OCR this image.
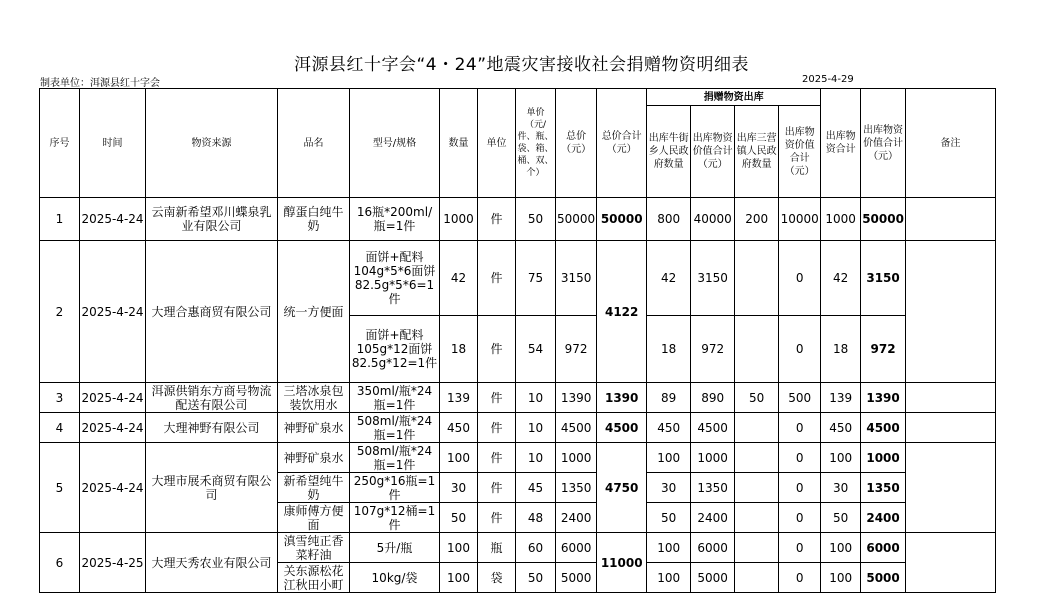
洱源县红十字会“4・24”地震灾害接收社会捐赠物资明细表
制表单位：洱源县红十字会	2025-4-29
序号	时间	物资来源	品名	型号/规格	数量	单位	单价（元/件、瓶、袋、箱、桶、双、个）	总价（元）	总价合计（元）	捐赠物资出库				出库物资合计	出库物资价值合计（元）	备注
										出库牛街乡人民政府数量	出库物资价值合计（元）	出库三营镇人民政府数量	出库物资价值合计（元）			
1	2025-4-24	云南新希望邓川蝶泉乳业有限公司	醇蛋白纯牛奶	16瓶*200ml/瓶=1件	1000	件	50	50000	50000	800	40000	200	10000	1000	50000	
2	2025-4-24	大理合惠商贸有限公司	统一方便面	面饼+配料104g*5*6面饼82.5g*5*6=1件	42	件	75	3150	4122	42	3150		0	42	3150	
				面饼+配料105g*12面饼82.5g*12=1件	18	件	54	972		18	972		0	18	972	
3	2025-4-24	洱源供销东方商号物流配送有限公司	三塔冰泉包装饮用水	350ml/瓶*24瓶=1件	139	件	10	1390	1390	89	890	50	500	139	1390	
4	2025-4-24	大理神野有限公司	神野矿泉水	508ml/瓶*24瓶=1件	450	件	10	4500	4500	450	4500		0	450	4500	
5	2025-4-24	大理市展禾商贸有限公司	神野矿泉水	508ml/瓶*24瓶=1件	100	件	10	1000	4750	100	1000		0	100	1000	
			新希望纯牛奶	250g*16瓶=1件	30	件	45	1350		30	1350		0	30	1350	
			康师傅方便面	107g*12桶=1件	50	件	48	2400		50	2400		0	50	2400	
6	2025-4-25	大理天秀农业有限公司	滇雪纯正香菜籽油	5升/瓶	100	瓶	60	6000	11000	100	6000		0	100	6000	
			关东源松花江秋田小町	10kg/袋	100	袋	50	5000		100	5000		0	100	5000	
